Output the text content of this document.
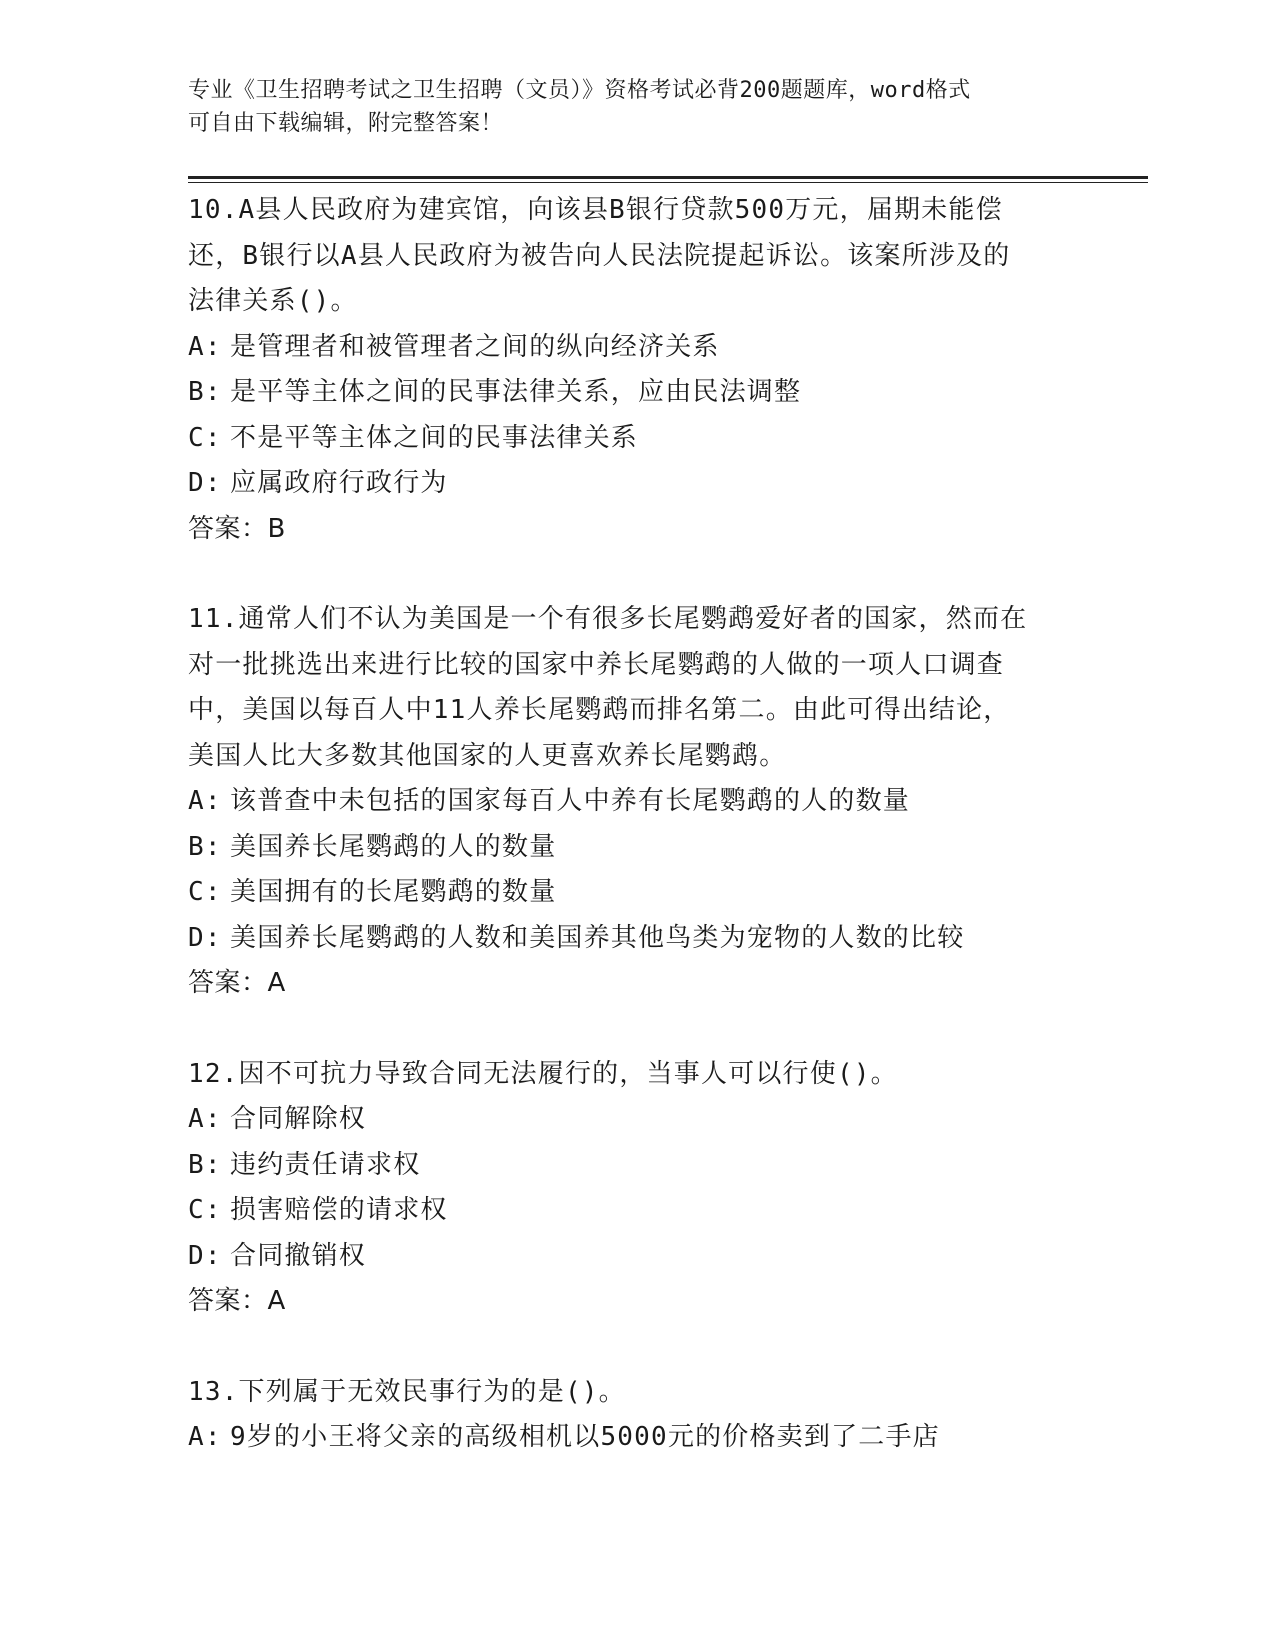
专业《卫生招聘考试之卫生招聘（文员）》资格考试必背200题题库，word格式
可自由下载编辑，附完整答案！
10.A县人民政府为建宾馆，向该县B银行贷款500万元，届期未能偿
还，B银行以A县人民政府为被告向人民法院提起诉讼。该案所涉及的
法律关系()。
A: 是管理者和被管理者之间的纵向经济关系
B: 是平等主体之间的民事法律关系，应由民法调整
C: 不是平等主体之间的民事法律关系
D: 应属政府行政行为
答案：B
11.通常人们不认为美国是一个有很多长尾鹦鹉爱好者的国家，然而在
对一批挑选出来进行比较的国家中养长尾鹦鹉的人做的一项人口调查
中，美国以每百人中11人养长尾鹦鹉而排名第二。由此可得出结论，
美国人比大多数其他国家的人更喜欢养长尾鹦鹉。
A: 该普查中未包括的国家每百人中养有长尾鹦鹉的人的数量
B: 美国养长尾鹦鹉的人的数量
C: 美国拥有的长尾鹦鹉的数量
D: 美国养长尾鹦鹉的人数和美国养其他鸟类为宠物的人数的比较
答案：A
12.因不可抗力导致合同无法履行的，当事人可以行使()。
A: 合同解除权
B: 违约责任请求权
C: 损害赔偿的请求权
D: 合同撤销权
答案：A
13.下列属于无效民事行为的是()。
A: 9岁的小王将父亲的高级相机以5000元的价格卖到了二手店
